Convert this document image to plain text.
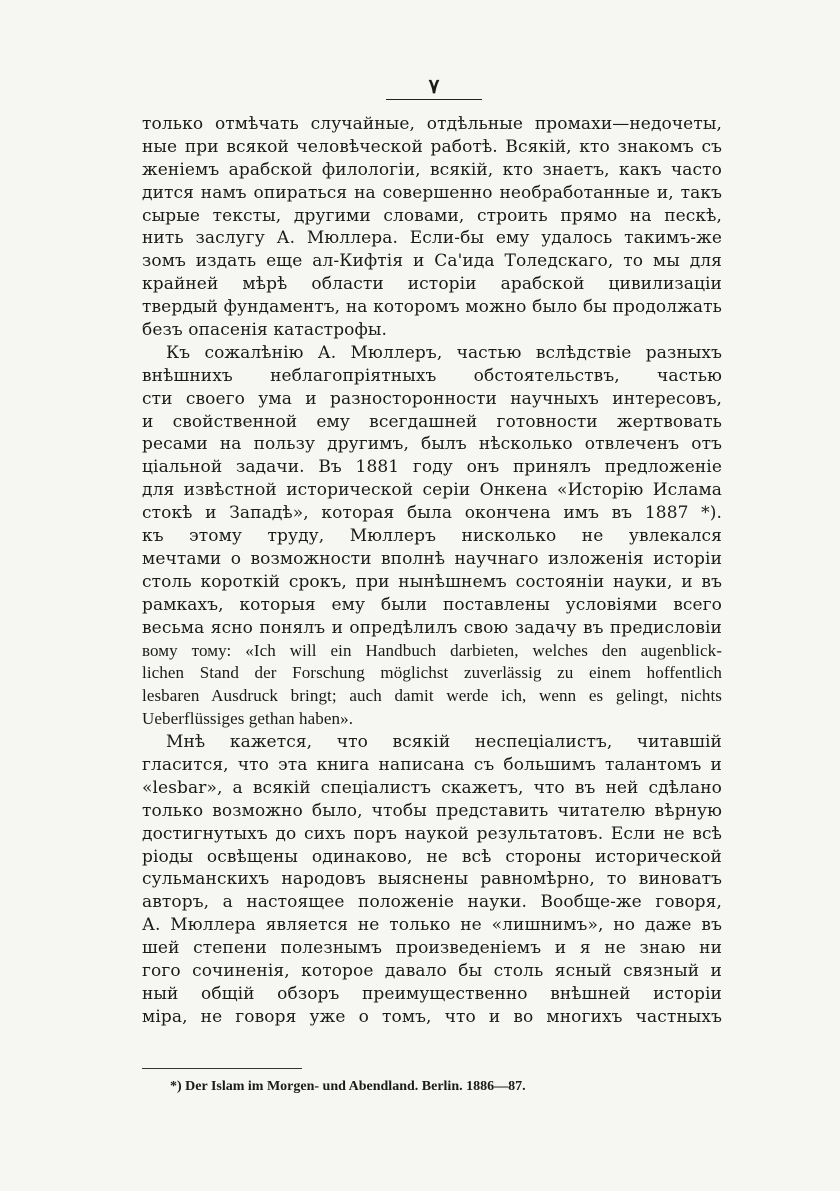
٧
только отмѣчать случайные, отдѣльные промахи—недочеты,
ные при всякой человѣческой работѣ. Всякій, кто знакомъ съ
женіемъ арабской филологіи, всякій, кто знаетъ, какъ часто
дится намъ опираться на совершенно необработанные и, такъ
сырые тексты, другими словами, строить прямо на пескѣ,
нить заслугу А. Мюллера. Если-бы ему удалось такимъ-же
зомъ издать еще ал-Кифтія и Са'ида Толедскаго, то мы для
крайней мѣрѣ области исторіи арабской цивилизаціи
твердый фундаментъ, на которомъ можно было бы продолжать
безъ опасенія катастрофы.
Къ сожалѣнію А. Мюллеръ, частью вслѣдствіе разныхъ
внѣшнихъ неблагопріятныхъ обстоятельствъ, частью
сти своего ума и разносторонности научныхъ интересовъ,
и свойственной ему всегдашней готовности жертвовать
ресами на пользу другимъ, былъ нѣсколько отвлеченъ отъ
ціальной задачи. Въ 1881 году онъ принялъ предложеніе
для извѣстной исторической серіи Онкена «Исторію Ислама
стокѣ и Западѣ», которая была окончена имъ въ 1887 *).
къ этому труду, Мюллеръ нисколько не увлекался
мечтами о возможности вполнѣ научнаго изложенія исторіи
столь короткій срокъ, при нынѣшнемъ состояніи науки, и въ
рамкахъ, которыя ему были поставлены условіями всего
весьма ясно понялъ и опредѣлилъ свою задачу въ предисловіи
вому тому: «Ich will ein Handbuch darbieten, welches den augenblick-
lichen Stand der Forschung möglichst zuverlässig zu einem hoffentlich
lesbaren Ausdruck bringt; auch damit werde ich, wenn es gelingt, nichts
Ueberflüssiges gethan haben».
Мнѣ кажется, что всякій неспеціалистъ, читавшій
гласится, что эта книга написана съ большимъ талантомъ и
«lesbar», а всякій спеціалистъ скажетъ, что въ ней сдѣлано
только возможно было, чтобы представить читателю вѣрную
достигнутыхъ до сихъ поръ наукой результатовъ. Если не всѣ
ріоды освѣщены одинаково, не всѣ стороны исторической
сульманскихъ народовъ выяснены равномѣрно, то виноватъ
авторъ, а настоящее положеніе науки. Вообще-же говоря,
А. Мюллера является не только не «лишнимъ», но даже въ
шей степени полезнымъ произведеніемъ и я не знаю ни
гого сочиненія, которое давало бы столь ясный связный и
ный общій обзоръ преимущественно внѣшней исторіи
міра, не говоря уже о томъ, что и во многихъ частныхъ
*) Der Islam im Morgen- und Abendland. Berlin. 1886—87.
